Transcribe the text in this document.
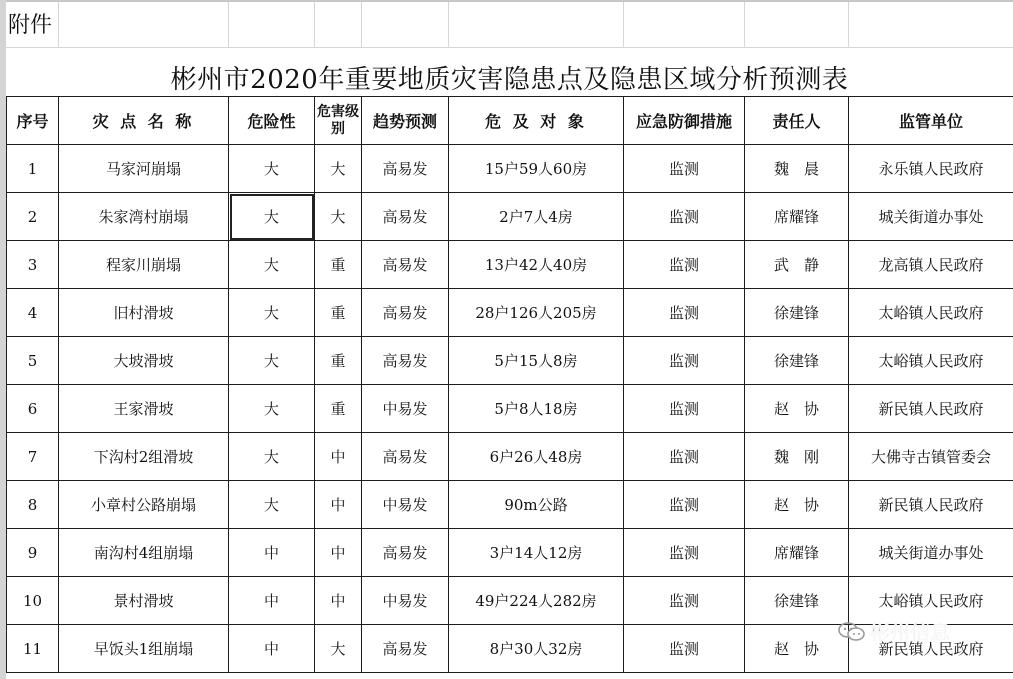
附件
彬州市2020年重要地质灾害隐患点及隐患区域分析预测表
序号	灾 点 名 称	危险性	危害级别	趋势预测	危 及 对 象	应急防御措施	责任人	监管单位
1	马家河崩塌	大	大	高易发	15户59人60房	监测	魏　晨	永乐镇人民政府
2	朱家湾村崩塌	大	大	高易发	2户7人4房	监测	席耀锋	城关街道办事处
3	程家川崩塌	大	重	高易发	13户42人40房	监测	武　静	龙高镇人民政府
4	旧村滑坡	大	重	高易发	28户126人205房	监测	徐建锋	太峪镇人民政府
5	大坡滑坡	大	重	高易发	5户15人8房	监测	徐建锋	太峪镇人民政府
6	王家滑坡	大	重	中易发	5户8人18房	监测	赵　协	新民镇人民政府
7	下沟村2组滑坡	大	中	高易发	6户26人48房	监测	魏　刚	大佛寺古镇管委会
8	小章村公路崩塌	大	中	中易发	90m公路	监测	赵　协	新民镇人民政府
9	南沟村4组崩塌	中	中	高易发	3户14人12房	监测	席耀锋	城关街道办事处
10	景村滑坡	中	中	中易发	49户224人282房	监测	徐建锋	太峪镇人民政府
11	早饭头1组崩塌	中	大	高易发	8户30人32房	监测	赵　协	新民镇人民政府
彬州信息
